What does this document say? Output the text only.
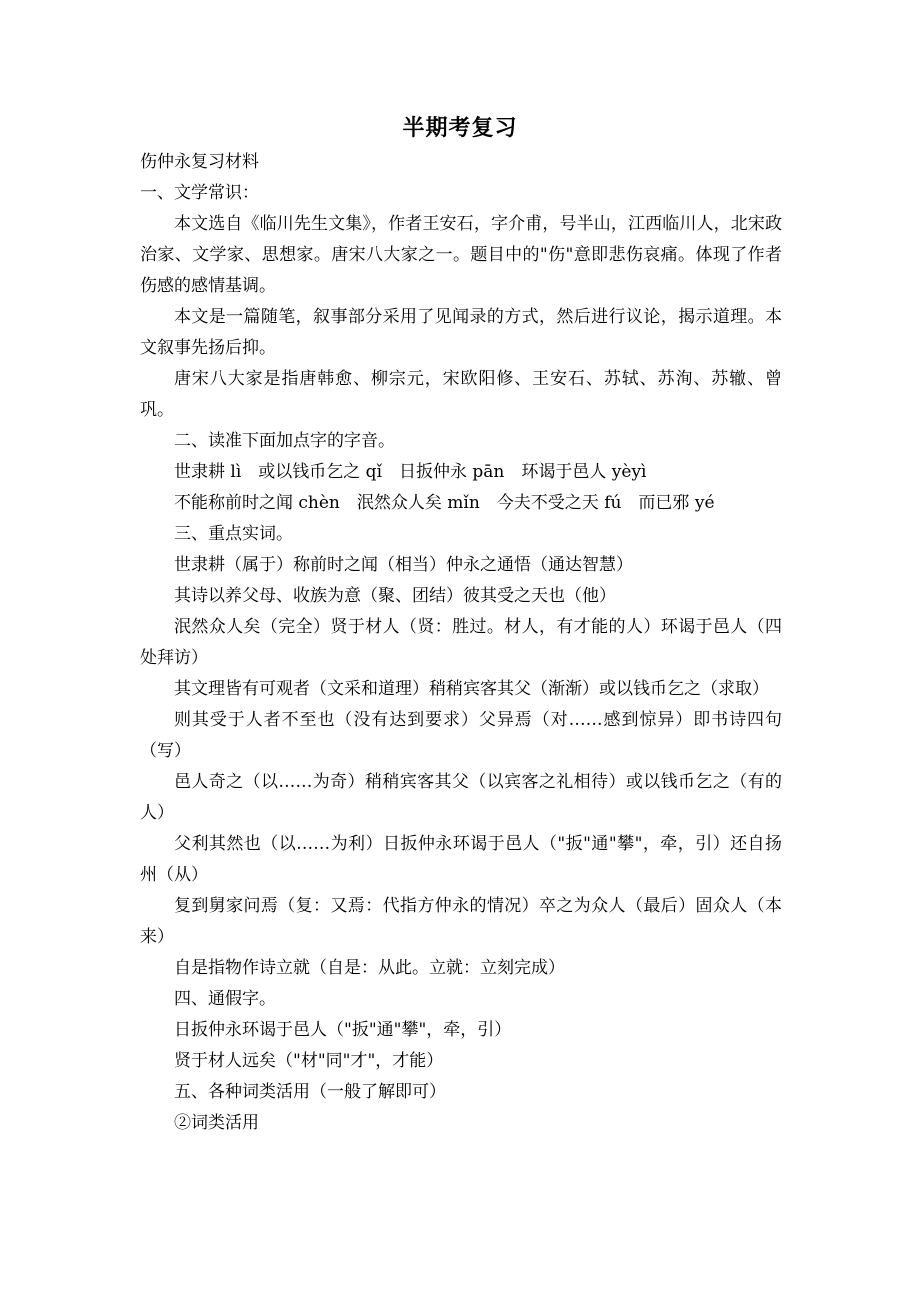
半期考复习

伤仲永复习材料

一、文学常识：

本文选自《临川先生文集》，作者王安石，字介甫，号半山，江西临川人，北宋政治家、文学家、思想家。唐宋八大家之一。题目中的"伤"意即悲伤哀痛。体现了作者伤感的感情基调。

本文是一篇随笔，叙事部分采用了见闻录的方式，然后进行议论，揭示道理。本文叙事先扬后抑。

唐宋八大家是指唐韩愈、柳宗元，宋欧阳修、王安石、苏轼、苏洵、苏辙、曾巩。

二、读准下面加点字的字音。

世隶耕 lì　或以钱币乞之 qǐ　日扳仲永 pān　环谒于邑人 yèyì

不能称前时之闻 chèn　泯然众人矣 mǐn　今夫不受之天 fú　而已邪 yé

三、重点实词。

世隶耕（属于）称前时之闻（相当）仲永之通悟（通达智慧）

其诗以养父母、收族为意（聚、团结）彼其受之天也（他）

泯然众人矣（完全）贤于材人（贤：胜过。材人，有才能的人）环谒于邑人（四处拜访）

其文理皆有可观者（文采和道理）稍稍宾客其父（渐渐）或以钱币乞之（求取）

则其受于人者不至也（没有达到要求）父异焉（对……感到惊异）即书诗四句（写）

邑人奇之（以……为奇）稍稍宾客其父（以宾客之礼相待）或以钱币乞之（有的人）

父利其然也（以……为利）日扳仲永环谒于邑人（"扳"通"攀"，牵，引）还自扬州（从）

复到舅家问焉（复：又焉：代指方仲永的情况）卒之为众人（最后）固众人（本来）

自是指物作诗立就（自是：从此。立就：立刻完成）

四、通假字。

日扳仲永环谒于邑人（"扳"通"攀"，牵，引）

贤于材人远矣（"材"同"才"，才能）

五、各种词类活用（一般了解即可）

②词类活用
